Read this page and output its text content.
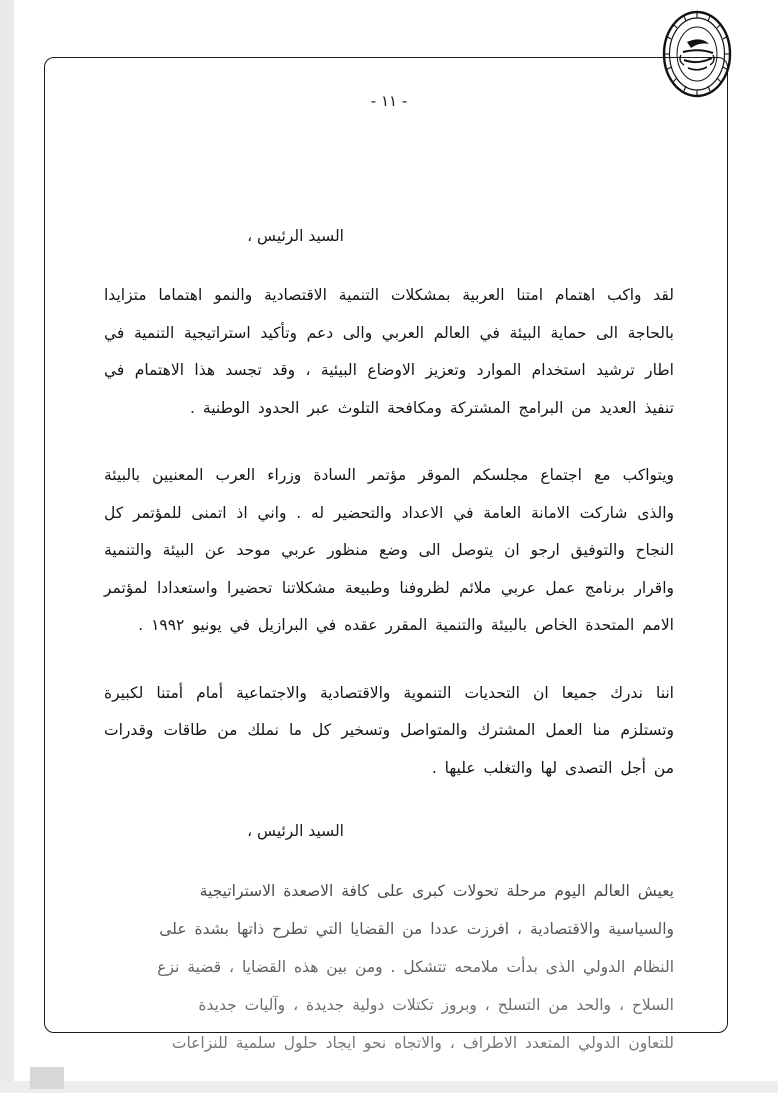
- ١١ -
السيد الرئيس ،

لقد واكب اهتمام امتنا العربية بمشكلات التنمية الاقتصادية والنمو اهتماما متزايدا بالحاجة الى حماية البيئة في العالم العربي والى دعم وتأكيد استراتيجية التنمية في اطار ترشيد استخدام الموارد وتعزيز الاوضاع البيئية ، وقد تجسد هذا الاهتمام في تنفيذ العديد من البرامج المشتركة ومكافحة التلوث عبر الحدود الوطنية .

ويتواكب مع اجتماع مجلسكم الموقر مؤتمر السادة وزراء العرب المعنيين بالبيئة والذى شاركت الامانة العامة في الاعداد والتحضير له . واني اذ اتمنى للمؤتمر كل النجاح والتوفيق ارجو ان يتوصل الى وضع منظور عربي موحد عن البيئة والتنمية واقرار برنامج عمل عربي ملائم لظروفنا وطبيعة مشكلاتنا تحضيرا واستعدادا لمؤتمر الامم المتحدة الخاص بالبيئة والتنمية المقرر عقده في البرازيل في يونيو ١٩٩٢ .

اننا ندرك جميعا ان التحديات التنموية والاقتصادية والاجتماعية أمام أمتنا لكبيرة وتستلزم منا العمل المشترك والمتواصل وتسخير كل ما نملك من طاقات وقدرات من أجل التصدى لها والتغلب عليها .

السيد الرئيس ،

يعيش العالم اليوم مرحلة تحولات كبرى على كافة الاصعدة الاستراتيجية
والسياسية والاقتصادية ، افرزت عددا من القضايا التي تطرح ذاتها بشدة على
النظام الدولي الذى بدأت ملامحه تتشكل . ومن بين هذه القضايا ، قضية نزع
السلاح ، والحد من التسلح ، وبروز تكتلات دولية جديدة ، وآليات جديدة
للتعاون الدولي المتعدد الاطراف ، والاتجاه نحو ايجاد حلول سلمية للنزاعات
